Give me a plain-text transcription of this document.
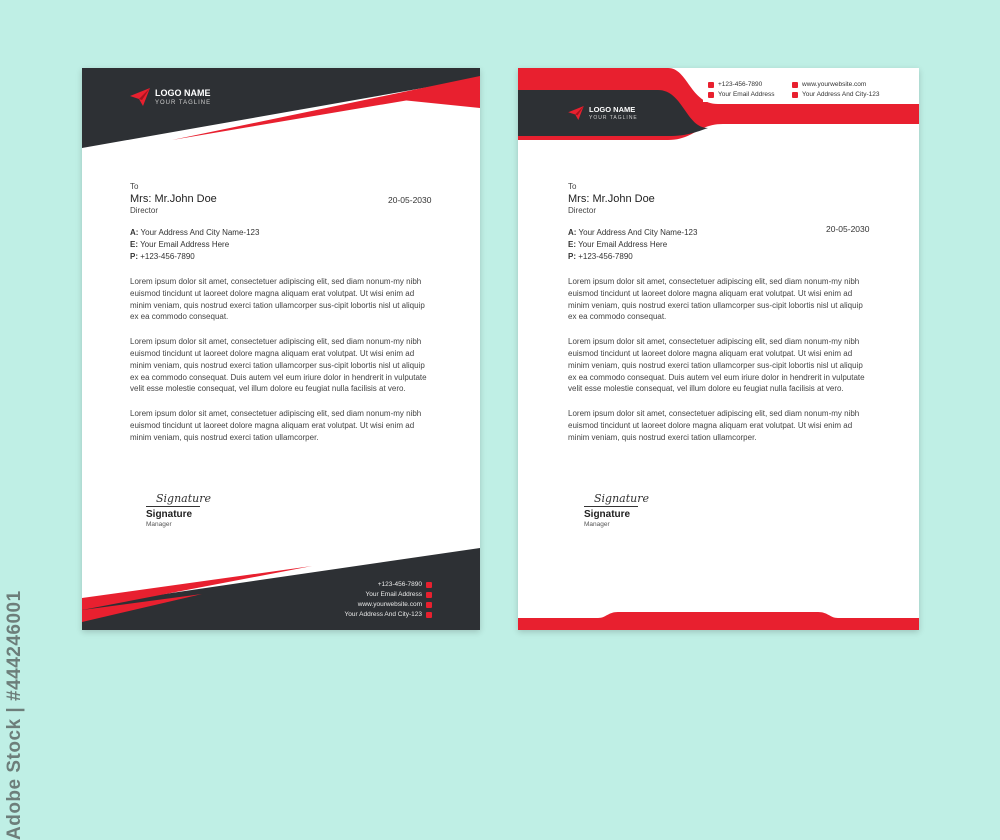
Adobe Stock | #444246001
LOGO NAME
YOUR TAGLINE
To
Mrs: Mr.John Doe
Director
A: Your Address And City Name-123
E: Your Email Address Here
P: +123-456-7890
Lorem ipsum dolor sit amet, consectetuer adipiscing elit, sed diam nonum-my nibh euismod tincidunt ut laoreet dolore magna aliquam erat volutpat. Ut wisi enim ad minim veniam, quis nostrud exerci tation ullamcorper sus-cipit lobortis nisl ut aliquip ex ea commodo consequat.
Lorem ipsum dolor sit amet, consectetuer adipiscing elit, sed diam nonum-my nibh euismod tincidunt ut laoreet dolore magna aliquam erat volutpat. Ut wisi enim ad minim veniam, quis nostrud exerci tation ullamcorper sus-cipit lobortis nisl ut aliquip ex ea commodo consequat. Duis autem vel eum iriure dolor in hendrerit in vulputate velit esse molestie consequat, vel illum dolore eu feugiat nulla facilisis at vero.
Lorem ipsum dolor sit amet, consectetuer adipiscing elit, sed diam nonum-my nibh euismod tincidunt ut laoreet dolore magna aliquam erat volutpat. Ut wisi enim ad minim veniam, quis nostrud exerci tation ullamcorper.
20-05-2030
Signature
Signature
Manager
+123-456-7890
Your Email Address
www.yourwebsite.com
Your Address And City-123
LOGO NAME
YOUR TAGLINE
+123-456-7890
Your Email Address
www.yourwebsite.com
Your Address And City-123
To
Mrs: Mr.John Doe
Director
A: Your Address And City Name-123
E: Your Email Address Here
P: +123-456-7890
Lorem ipsum dolor sit amet, consectetuer adipiscing elit, sed diam nonum-my nibh euismod tincidunt ut laoreet dolore magna aliquam erat volutpat. Ut wisi enim ad minim veniam, quis nostrud exerci tation ullamcorper sus-cipit lobortis nisl ut aliquip ex ea commodo consequat.
Lorem ipsum dolor sit amet, consectetuer adipiscing elit, sed diam nonum-my nibh euismod tincidunt ut laoreet dolore magna aliquam erat volutpat. Ut wisi enim ad minim veniam, quis nostrud exerci tation ullamcorper sus-cipit lobortis nisl ut aliquip ex ea commodo consequat. Duis autem vel eum iriure dolor in hendrerit in vulputate velit esse molestie consequat, vel illum dolore eu feugiat nulla facilisis at vero.
Lorem ipsum dolor sit amet, consectetuer adipiscing elit, sed diam nonum-my nibh euismod tincidunt ut laoreet dolore magna aliquam erat volutpat. Ut wisi enim ad minim veniam, quis nostrud exerci tation ullamcorper.
20-05-2030
Signature
Signature
Manager
